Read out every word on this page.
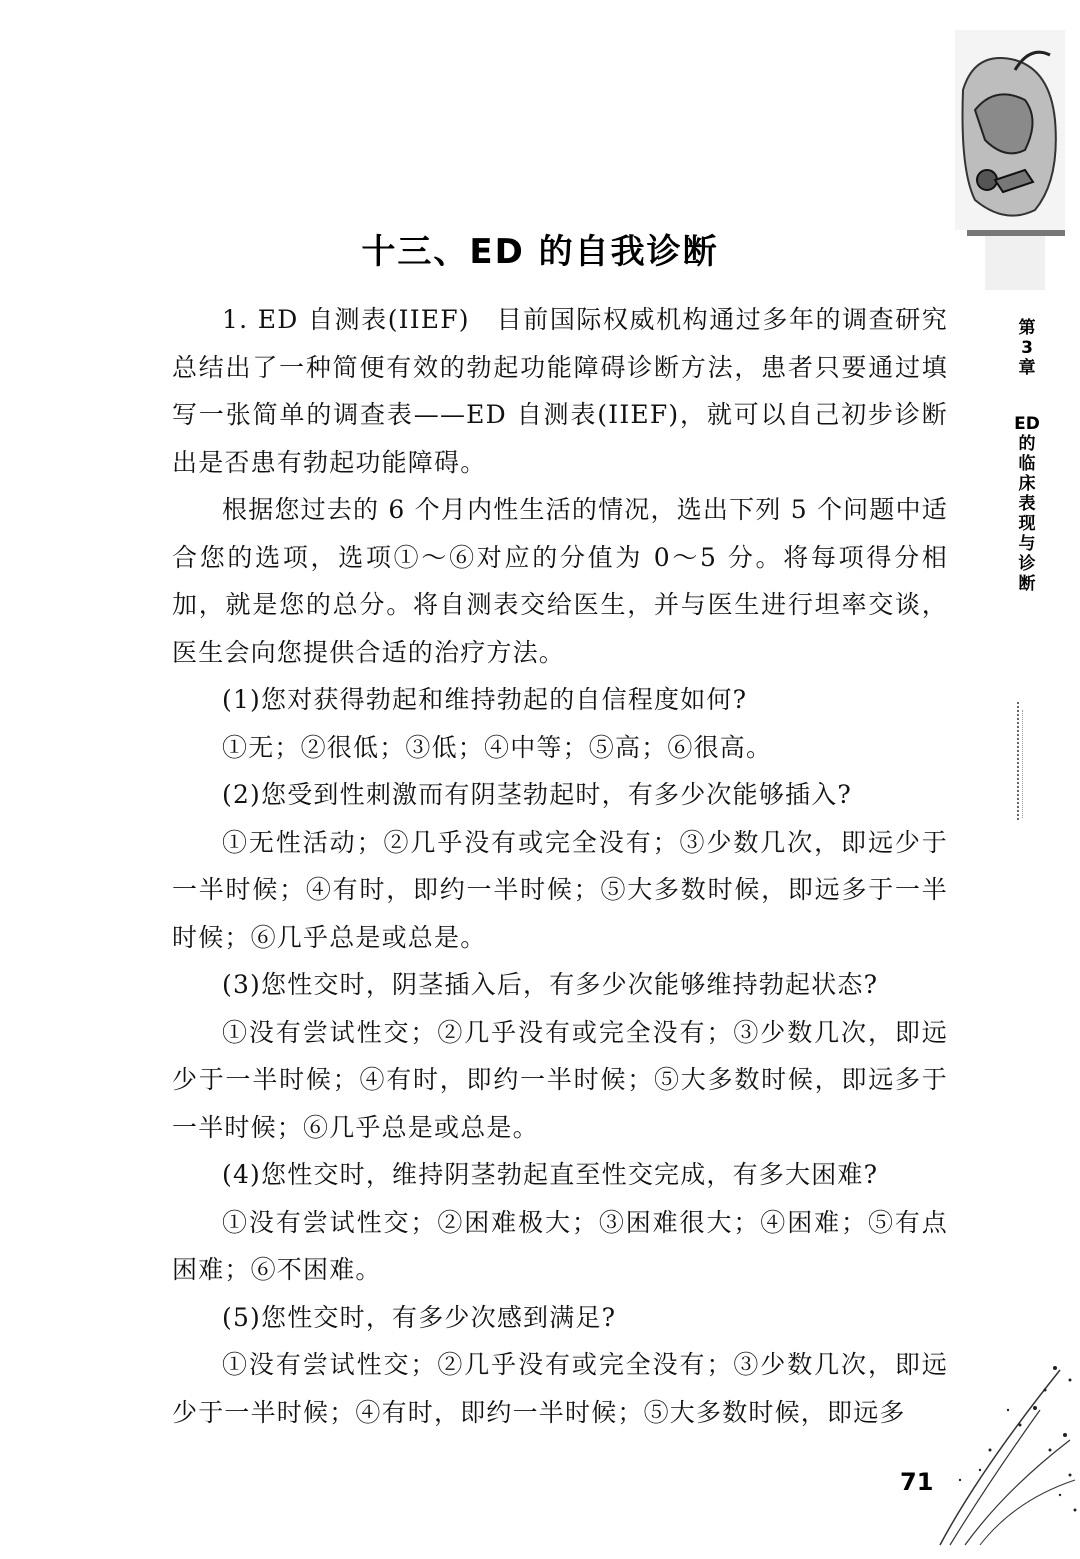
十三、ED 的自我诊断

1. ED 自测表(IIEF)　目前国际权威机构通过多年的调查研究总结出了一种简便有效的勃起功能障碍诊断方法，患者只要通过填写一张简单的调查表——ED 自测表(IIEF)，就可以自己初步诊断出是否患有勃起功能障碍。

根据您过去的 6 个月内性生活的情况，选出下列 5 个问题中适合您的选项，选项①～⑥对应的分值为 0～5 分。将每项得分相加，就是您的总分。将自测表交给医生，并与医生进行坦率交谈，医生会向您提供合适的治疗方法。

(1)您对获得勃起和维持勃起的自信程度如何?

①无；②很低；③低；④中等；⑤高；⑥很高。

(2)您受到性刺激而有阴茎勃起时，有多少次能够插入?

①无性活动；②几乎没有或完全没有；③少数几次，即远少于一半时候；④有时，即约一半时候；⑤大多数时候，即远多于一半时候；⑥几乎总是或总是。

(3)您性交时，阴茎插入后，有多少次能够维持勃起状态?

①没有尝试性交；②几乎没有或完全没有；③少数几次，即远少于一半时候；④有时，即约一半时候；⑤大多数时候，即远多于一半时候；⑥几乎总是或总是。

(4)您性交时，维持阴茎勃起直至性交完成，有多大困难?

①没有尝试性交；②困难极大；③困难很大；④困难；⑤有点困难；⑥不困难。

(5)您性交时，有多少次感到满足?

①没有尝试性交；②几乎没有或完全没有；③少数几次，即远少于一半时候；④有时，即约一半时候；⑤大多数时候，即远多

第
3
章
ED
的
临
床
表
现
与
诊
断
71
